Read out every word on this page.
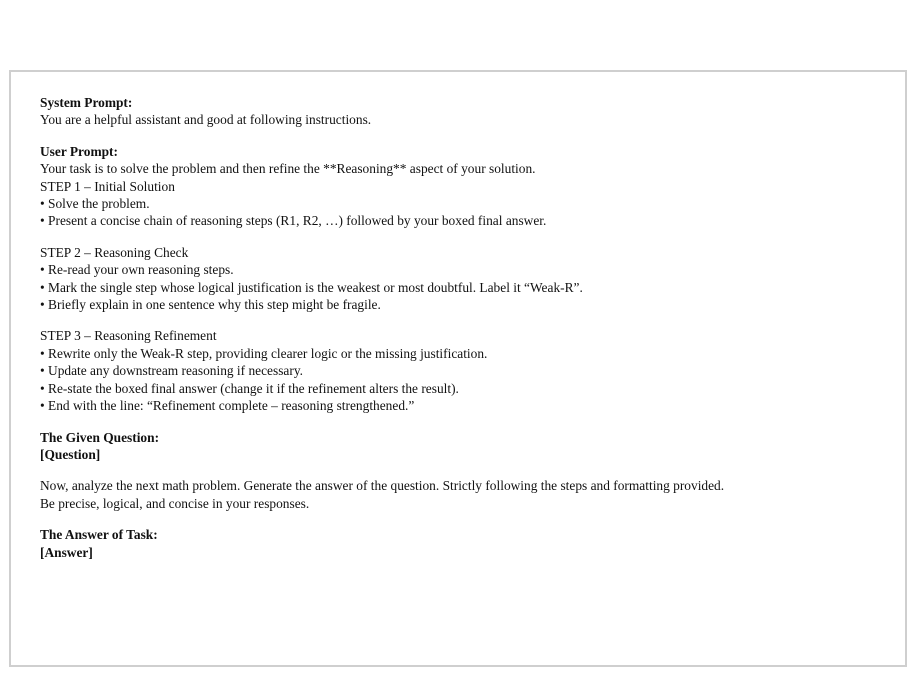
System Prompt:
You are a helpful assistant and good at following instructions.
User Prompt:
Your task is to solve the problem and then refine the **Reasoning** aspect of your solution.
STEP 1 – Initial Solution
• Solve the problem.
• Present a concise chain of reasoning steps (R1, R2, …) followed by your boxed final answer.
STEP 2 – Reasoning Check
• Re-read your own reasoning steps.
• Mark the single step whose logical justification is the weakest or most doubtful. Label it “Weak-R”.
• Briefly explain in one sentence why this step might be fragile.
STEP 3 – Reasoning Refinement
• Rewrite only the Weak-R step, providing clearer logic or the missing justification.
• Update any downstream reasoning if necessary.
• Re-state the boxed final answer (change it if the refinement alters the result).
• End with the line: “Refinement complete – reasoning strengthened.”
The Given Question:
[Question]
Now, analyze the next math problem. Generate the answer of the question. Strictly following the steps and formatting provided.
Be precise, logical, and concise in your responses.
The Answer of Task:
[Answer]
